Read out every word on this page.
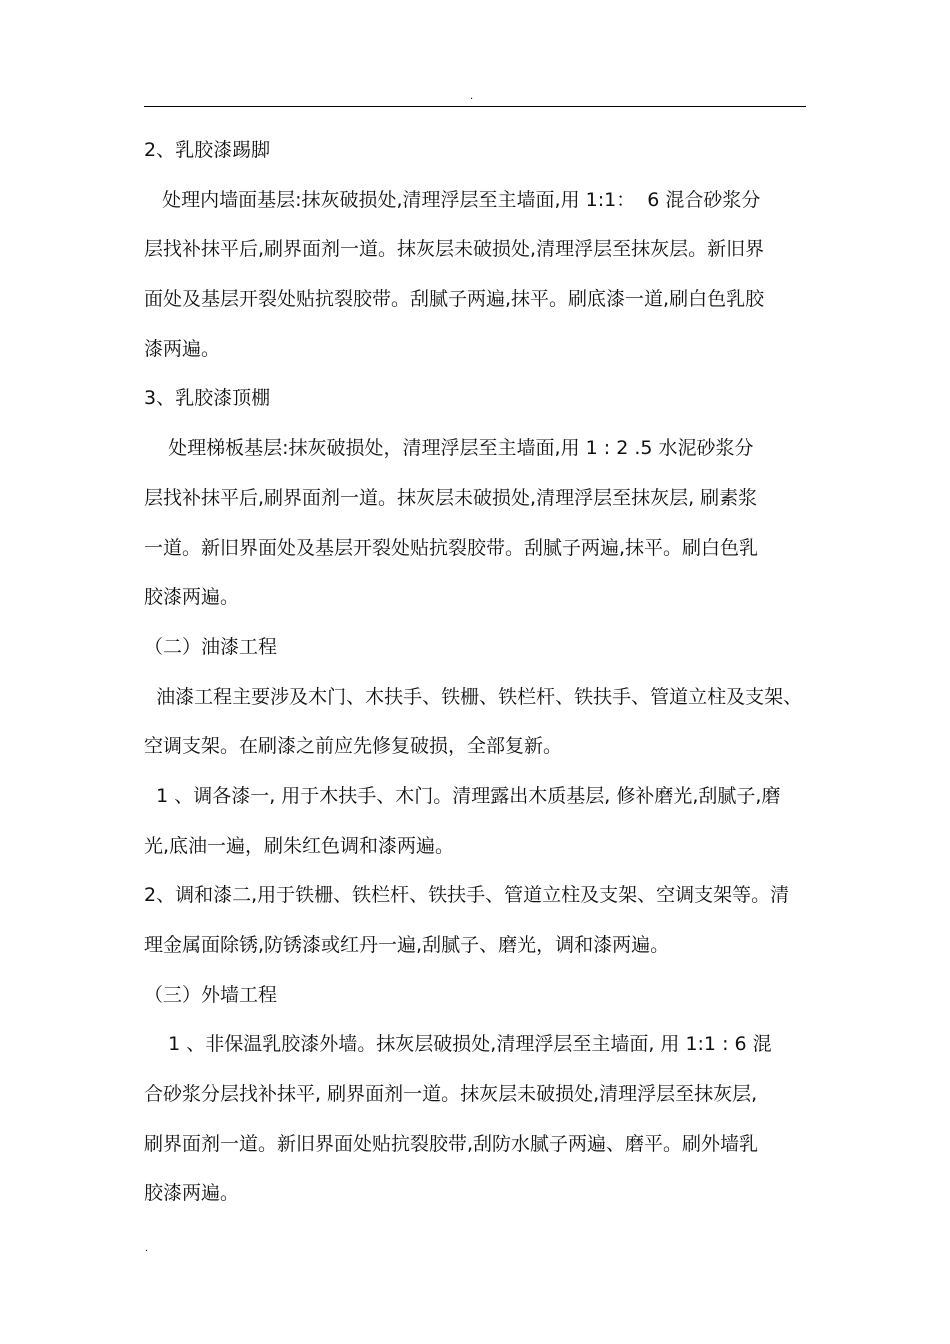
.
2、乳胶漆踢脚
处理内墙面基层:抹灰破损处,清理浮层至主墙面,用 1:1：  6 混合砂浆分
层找补抹平后,刷界面剂一道。抹灰层未破损处,清理浮层至抹灰层。新旧界
面处及基层开裂处贴抗裂胶带。刮腻子两遍,抹平。刷底漆一道,刷白色乳胶
漆两遍。
3、乳胶漆顶棚
处理梯板基层:抹灰破损处，清理浮层至主墙面,用 1 : 2 .5 水泥砂浆分
层找补抹平后,刷界面剂一道。抹灰层未破损处,清理浮层至抹灰层, 刷素浆
一道。新旧界面处及基层开裂处贴抗裂胶带。刮腻子两遍,抹平。刷白色乳
胶漆两遍。
（二）油漆工程
油漆工程主要涉及木门、木扶手、铁栅、铁栏杆、铁扶手、管道立柱及支架、
空调支架。在刷漆之前应先修复破损，全部复新。
1 、调各漆一, 用于木扶手、木门。清理露出木质基层, 修补磨光,刮腻子,磨
光,底油一遍，刷朱红色调和漆两遍。
2、调和漆二,用于铁栅、铁栏杆、铁扶手、管道立柱及支架、空调支架等。清
理金属面除锈,防锈漆或红丹一遍,刮腻子、磨光，调和漆两遍。
（三）外墙工程
1 、非保温乳胶漆外墙。抹灰层破损处,清理浮层至主墙面, 用 1:1 : 6 混
合砂浆分层找补抹平, 刷界面剂一道。抹灰层未破损处,清理浮层至抹灰层,
刷界面剂一道。新旧界面处贴抗裂胶带,刮防水腻子两遍、磨平。刷外墙乳
胶漆两遍。
.
